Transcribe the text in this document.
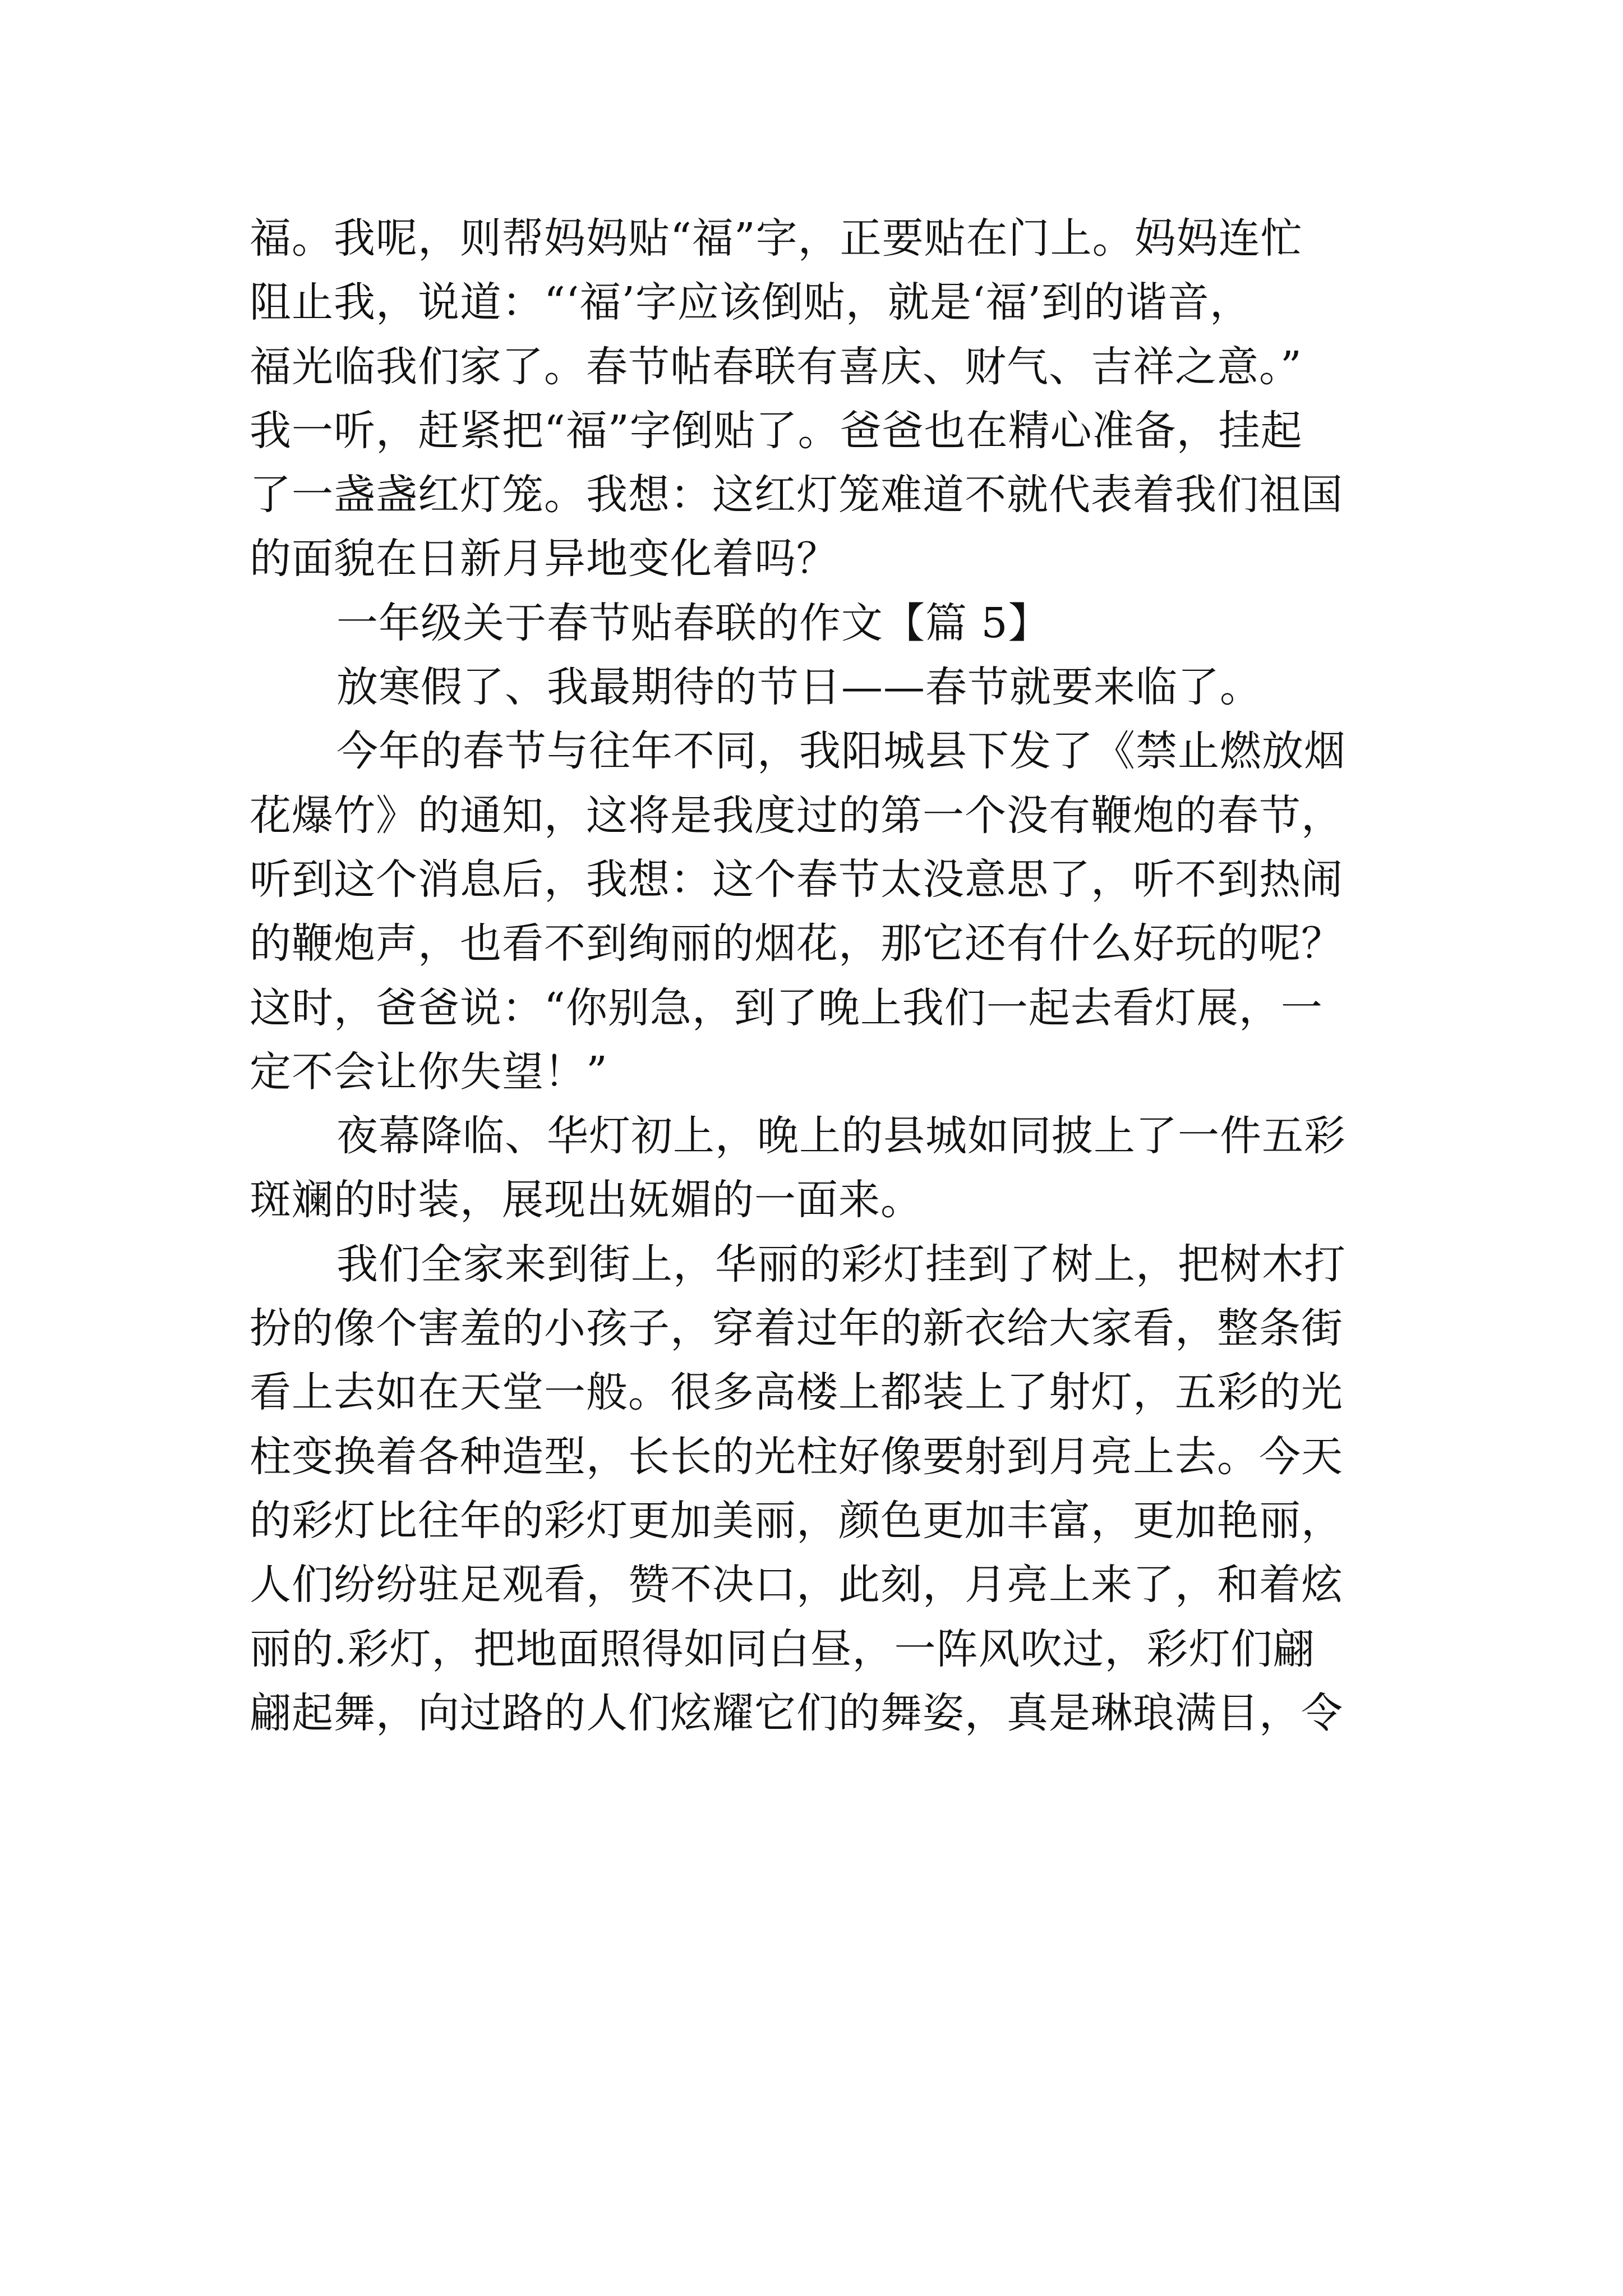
福。我呢，则帮妈妈贴“福”字，正要贴在门上。妈妈连忙
阻止我，说道：“‘福’字应该倒贴，就是‘福’到的谐音，
福光临我们家了。春节帖春联有喜庆、财气、吉祥之意。”
我一听，赶紧把“福”字倒贴了。爸爸也在精心准备，挂起
了一盏盏红灯笼。我想：这红灯笼难道不就代表着我们祖国
的面貌在日新月异地变化着吗？
一年级关于春节贴春联的作文【篇 5】
放寒假了、我最期待的节日——春节就要来临了。
今年的春节与往年不同，我阳城县下发了《禁止燃放烟
花爆竹》的通知，这将是我度过的第一个没有鞭炮的春节，
听到这个消息后，我想：这个春节太没意思了，听不到热闹
的鞭炮声，也看不到绚丽的烟花，那它还有什么好玩的呢？
这时，爸爸说：“你别急，到了晚上我们一起去看灯展，一
定不会让你失望！”
夜幕降临、华灯初上，晚上的县城如同披上了一件五彩
斑斓的时装，展现出妩媚的一面来。
我们全家来到街上，华丽的彩灯挂到了树上，把树木打
扮的像个害羞的小孩子，穿着过年的新衣给大家看，整条街
看上去如在天堂一般。很多高楼上都装上了射灯，五彩的光
柱变换着各种造型，长长的光柱好像要射到月亮上去。今天
的彩灯比往年的彩灯更加美丽，颜色更加丰富，更加艳丽，
人们纷纷驻足观看，赞不决口，此刻，月亮上来了，和着炫
丽的.彩灯，把地面照得如同白昼，一阵风吹过，彩灯们翩
翩起舞，向过路的人们炫耀它们的舞姿，真是琳琅满目，令
